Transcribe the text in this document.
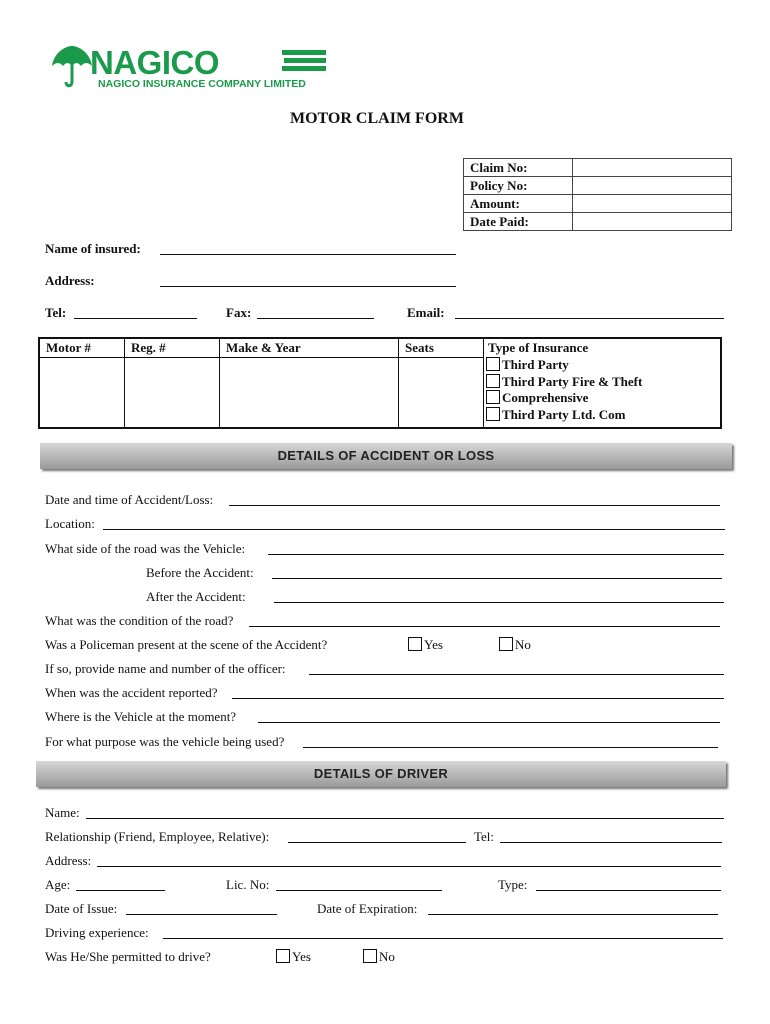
NAGICO
NAGICO INSURANCE COMPANY LIMITED
MOTOR CLAIM FORM
Claim No:	
Policy No:	
Amount:	
Date Paid:	
Name of insured:
Address:
Tel:	Fax:	Email:
Motor #	Reg. #	Make & Year	Seats	Type of Insurance
Third Party
Third Party Fire & Theft
Comprehensive
Third Party Ltd. Com

DETAILS OF ACCIDENT OR LOSS
Date and time of Accident/Loss:
Location:
What side of the road was the Vehicle:
Before the Accident:
After the Accident:
What was the condition of the road?
Was a Policeman present at the scene of the Accident?	Yes	No
If so, provide name and number of the officer:
When was the accident reported?
Where is the Vehicle at the moment?
For what purpose was the vehicle being used?
DETAILS OF DRIVER
Name:
Relationship (Friend, Employee, Relative):	Tel:
Address:
Age:	Lic. No:	Type:
Date of Issue:	Date of Expiration:
Driving experience:
Was He/She permitted to drive?	Yes	No
